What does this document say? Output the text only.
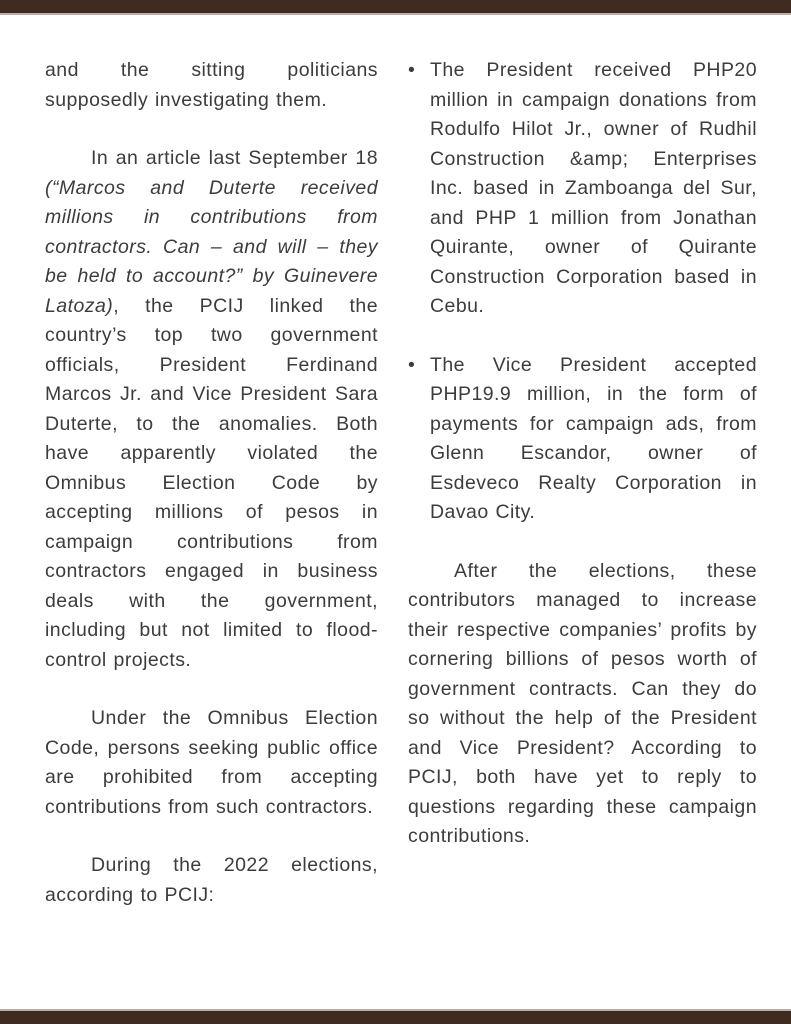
and the sitting politicians supposedly investigating them.

In an article last September 18 (“Marcos and Duterte received millions in contributions from contractors. Can – and will – they be held to account?” by Guinevere Latoza), the PCIJ linked the country’s top two government officials, President Ferdinand Marcos Jr. and Vice President Sara Duterte, to the anomalies. Both have apparently violated the Omnibus Election Code by accepting millions of pesos in campaign contributions from contractors engaged in business deals with the government, including but not limited to flood-control projects.

Under the Omnibus Election Code, persons seeking public office are prohibited from accepting contributions from such contractors.

During the 2022 elections, according to PCIJ:

• The President received PHP20 million in campaign donations from Rodulfo Hilot Jr., owner of Rudhil Construction &amp; Enterprises Inc. based in Zamboanga del Sur, and PHP 1 million from Jonathan Quirante, owner of Quirante Construction Corporation based in Cebu.
• The Vice President accepted PHP19.9 million, in the form of payments for campaign ads, from Glenn Escandor, owner of Esdeveco Realty Corporation in Davao City.

After the elections, these contributors managed to increase their respective companies’ profits by cornering billions of pesos worth of government contracts. Can they do so without the help of the President and Vice President? According to PCIJ, both have yet to reply to questions regarding these campaign contributions.
